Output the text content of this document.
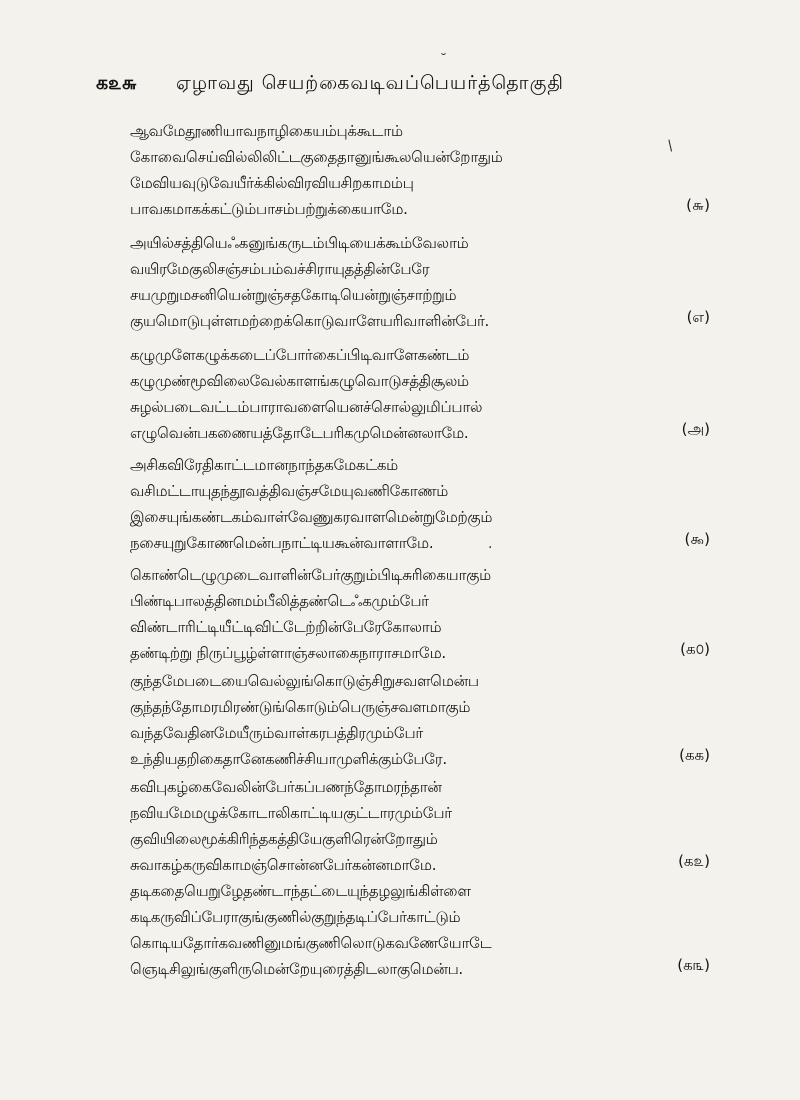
க௨௬ ஏழாவது செயற்கைவடிவப்பெயர்த்தொகுதி
ஆவமேதூணியாவநாழிகையம்புக்கூடாம்
கோவைசெய்வில்லிலிட்டகுதைதானுங்கூலயென்றோதும்
மேவியவுடுவேயீர்க்கில்விரவியசிறகாமம்பு
பாவகமாகக்கட்டும்பாசம்பற்றுக்கையாமே.	(௬)
அயில்சத்தியெஃகனுங்கருடம்பிடியைக்கூம்வேலாம்
வயிரமேகுலிசஞ்சம்பம்வச்சிராயுதத்தின்பேரே
சயமுறுமசனியென்றுஞ்சதகோடியென்றுஞ்சாற்றும்
குயமொடுபுள்ளமற்றைக்கொடுவாளேயரிவாளின்பேர்.	(எ)
கழுமுளேகழுக்கடைப்போர்கைப்பிடிவாளேகண்டம்
கழுமுண்மூவிலைவேல்காளங்கழுவொடுசத்திசூலம்
சுழல்படைவட்டம்பாராவளையெனச்சொல்லுமிப்பால்
எழுவென்பகணையத்தோடேபரிகமுமென்னலாமே.	(அ)
அசிகவிரேதிகாட்டமானநாந்தகமேகட்கம்
வசிமட்டாயுதந்தூவத்திவஞ்சமேயுவணிகோணம்
இசையுங்கண்டகம்வாள்வேணுகரவாளமென்றுமேற்கும்
நசையுறுகோணமென்பநாட்டியகூன்வாளாமே.	(௯)
கொண்டெழுமுடைவாளின்பேர்குறும்பிடிசுரிகையாகும்
பிண்டிபாலத்தினமம்பீலித்தண்டெஃகமும்பேர்
விண்டாரிட்டியீட்டிவிட்டேற்றின்பேரேகோலாம்
தண்டிற்று நிருப்பூழ்ள்ளாஞ்சலாகைநாராசமாமே.	(க௦)
குந்தமேபடையைவெல்லுங்கொடுஞ்சிறுசவளமென்ப
குந்தந்தோமரமிரண்டுங்கொடும்பெருஞ்சவளமாகும்
வந்தவேதினமேயீரும்வாள்கரபத்திரமும்பேர்
உந்தியதறிகைதானேகணிச்சியாமுளிக்கும்பேரே.	(கக)
கவிபுகழ்கைவேலின்பேர்கப்பணந்தோமரந்தான்
நவியமேமழுக்கோடாலிகாட்டியகுட்டாரமும்பேர்
குவியிலைமூக்கிரிந்தகத்தியேகுளிரென்றோதும்
சுவாகழ்கருவிகாமஞ்சொன்னபேர்கன்னமாமே.	(க௨)
தடிகதையெறுழேதண்டாந்தட்டையுந்தழலுங்கிள்ளை
கடிகருவிப்பேராகுங்குணில்குறுந்தடிப்பேர்காட்டும்
கொடியதோர்கவணினுமங்குணிலொடுகவணேயோடே
ஞெடிசிலுங்குளிருமென்றேயுரைத்திடலாகுமென்ப.	(க௩)
∕
˘
·
